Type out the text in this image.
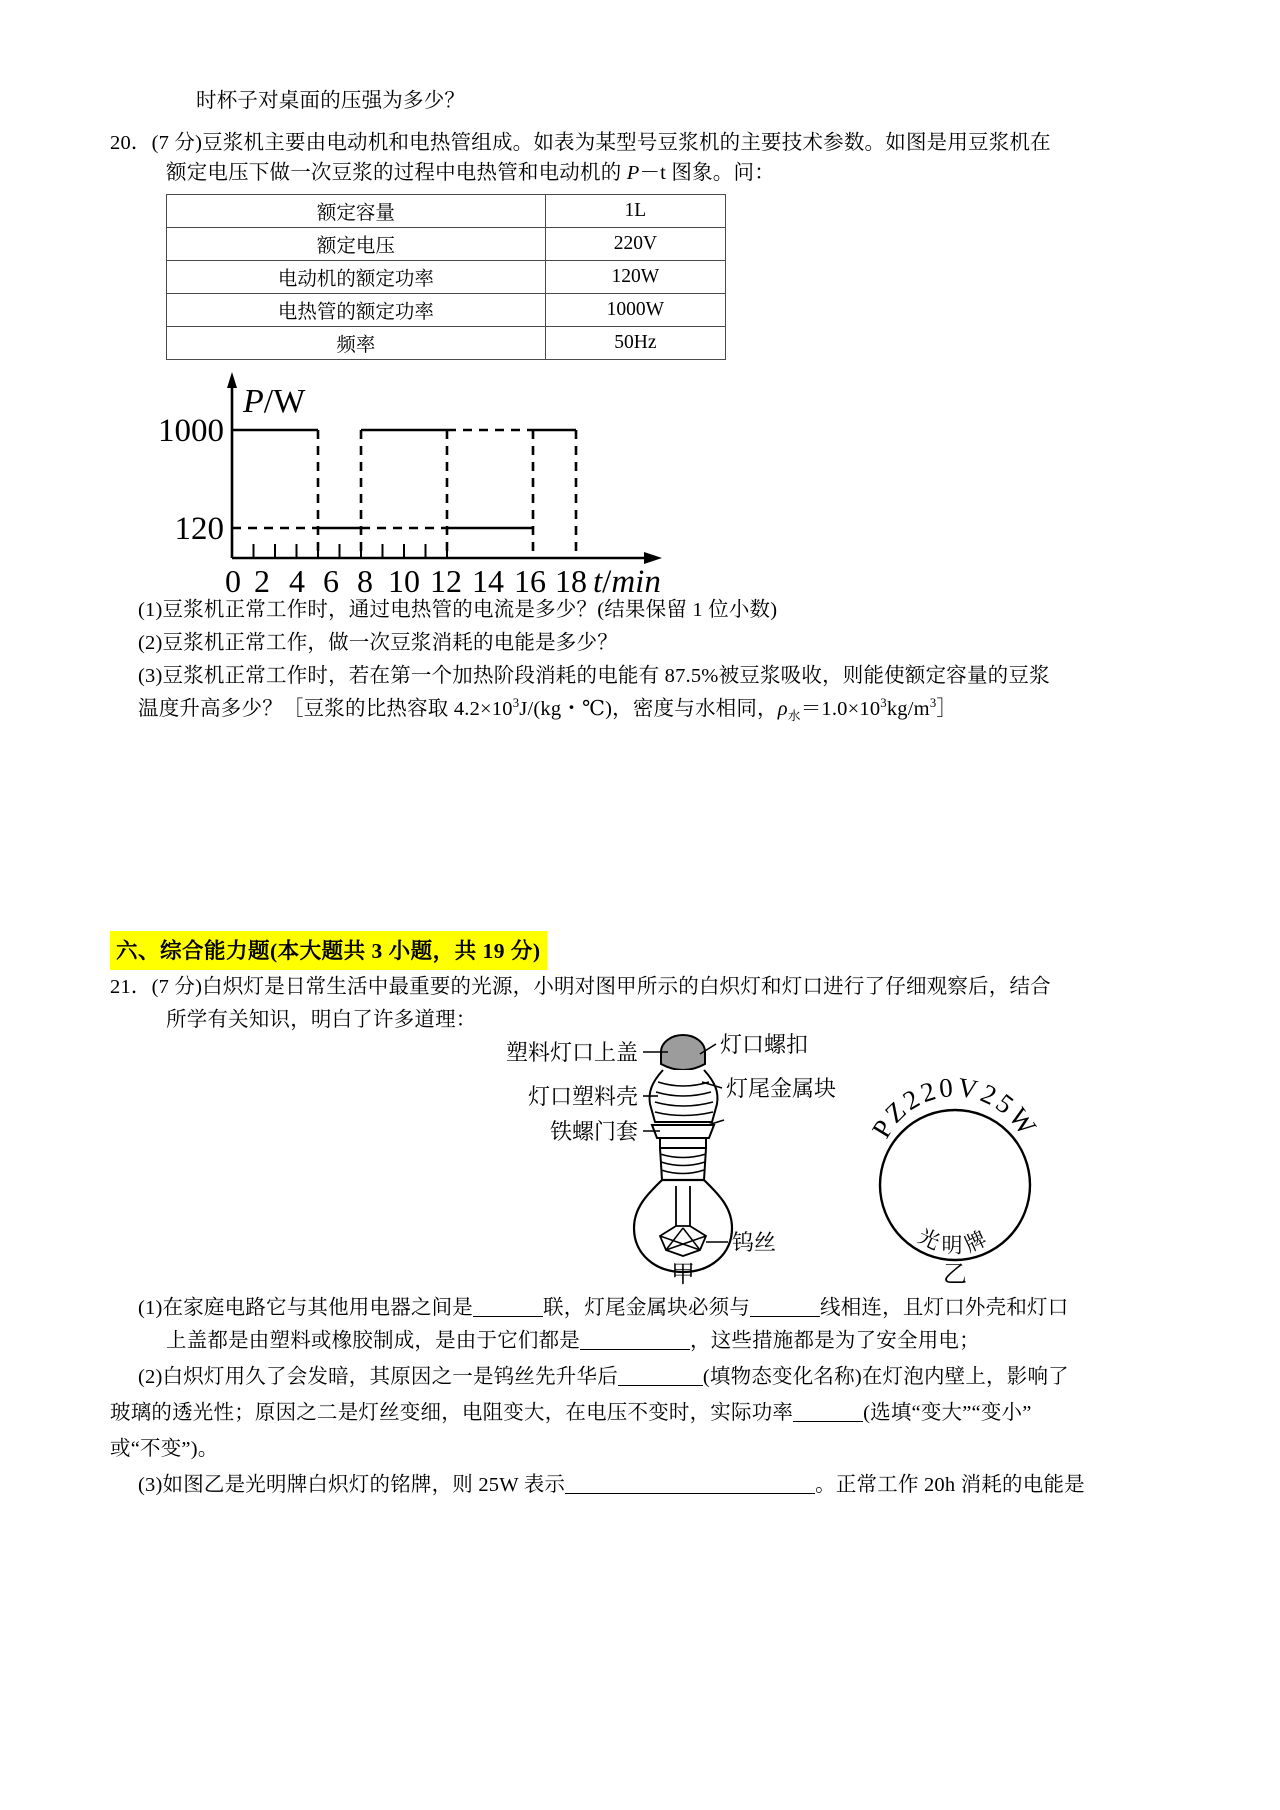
时杯子对桌面的压强为多少？
20．(7 分)豆浆机主要由电动机和电热管组成。如表为某型号豆浆机的主要技术参数。如图是用豆浆机在
额定电压下做一次豆浆的过程中电热管和电动机的 P－t 图象。问：
额定容量	1L
额定电压	220V
电动机的额定功率	120W
电热管的额定功率	1000W
频率	50Hz
1000
120
P/W
0 2 4 6 8 10 12 14 16 18 t/min
(1)豆浆机正常工作时，通过电热管的电流是多少？(结果保留 1 位小数)
(2)豆浆机正常工作，做一次豆浆消耗的电能是多少？
(3)豆浆机正常工作时，若在第一个加热阶段消耗的电能有 87.5%被豆浆吸收，则能使额定容量的豆浆
温度升高多少？［豆浆的比热容取 $4.2\times 10^3J/(kg$・℃)，密度与水相同，$\rho_水=1.0\times 10^3kg/m^3]$
六、综合能力题(本大题共 3 小题，共 19 分)
21．(7 分)白炽灯是日常生活中最重要的光源，小明对图甲所示的白炽灯和灯口进行了仔细观察后，结合
所学有关知识，明白了许多道理：
塑料灯口上盖
灯口塑料壳
铁螺门套
灯口螺扣
灯尾金属块
钨丝
PZ220V25W
光明牌
甲	乙
(1)在家庭电路它与其他用电器之间是	联，灯尾金属块必须与	线相连，且灯口外壳和灯口
上盖都是由塑料或橡胶制成，是由于它们都是	，这些措施都是为了安全用电；
(2)白炽灯用久了会发暗，其原因之一是钨丝先升华后	(填物态变化名称)在灯泡内壁上，影响了
玻璃的透光性；原因之二是灯丝变细，电阻变大，在电压不变时，实际功率	(选填“变大”“变小”
或“不变”)。
(3)如图乙是光明牌白炽灯的铭牌，则 25W 表示	。正常工作 20h 消耗的电能是
